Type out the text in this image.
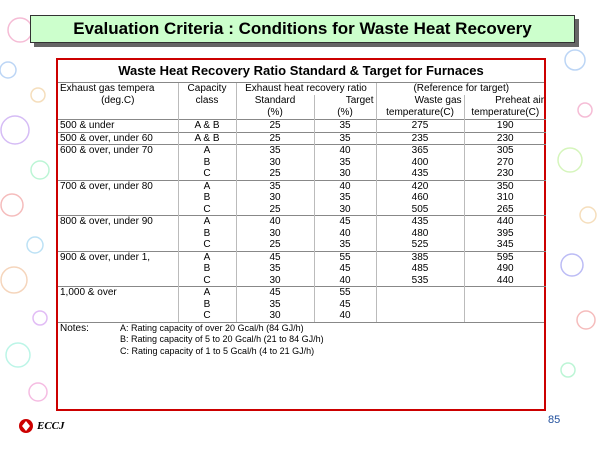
Evaluation Criteria : Conditions for Waste Heat Recovery
Waste Heat Recovery Ratio Standard & Target for Furnaces
Exhaust gas tempera	Capacity	Exhaust heat recovery ratio		(Reference for target)	
(deg.C)	class	Standard	Target	Waste gas	Preheat air
		(%)	(%)	temperature(C)	temperature(C)
500 & under	A & B	25	35	275	190
500 & over, under 60	A & B	25	35	235	230
600 & over, under 70	A	35	40	365	305
	B	30	35	400	270
	C	25	30	435	230
700 & over, under 80	A	35	40	420	350
	B	30	35	460	310
	C	25	30	505	265
800 & over, under 90	A	40	45	435	440
	B	30	40	480	395
	C	25	35	525	345
900 & over, under 1,	A	45	55	385	595
	B	35	45	485	490
	C	30	40	535	440
1,000 & over	A	45	55		
	B	35	45		
	C	30	40		
Notes:	A: Rating capacity of over 20 Gcal/h (84 GJ/h)
	B: Rating capacity of 5 to 20 Gcal/h (21 to 84 GJ/h)
	C: Rating capacity of 1 to 5 Gcal/h (4 to 21 GJ/h)
85
ECCJ
